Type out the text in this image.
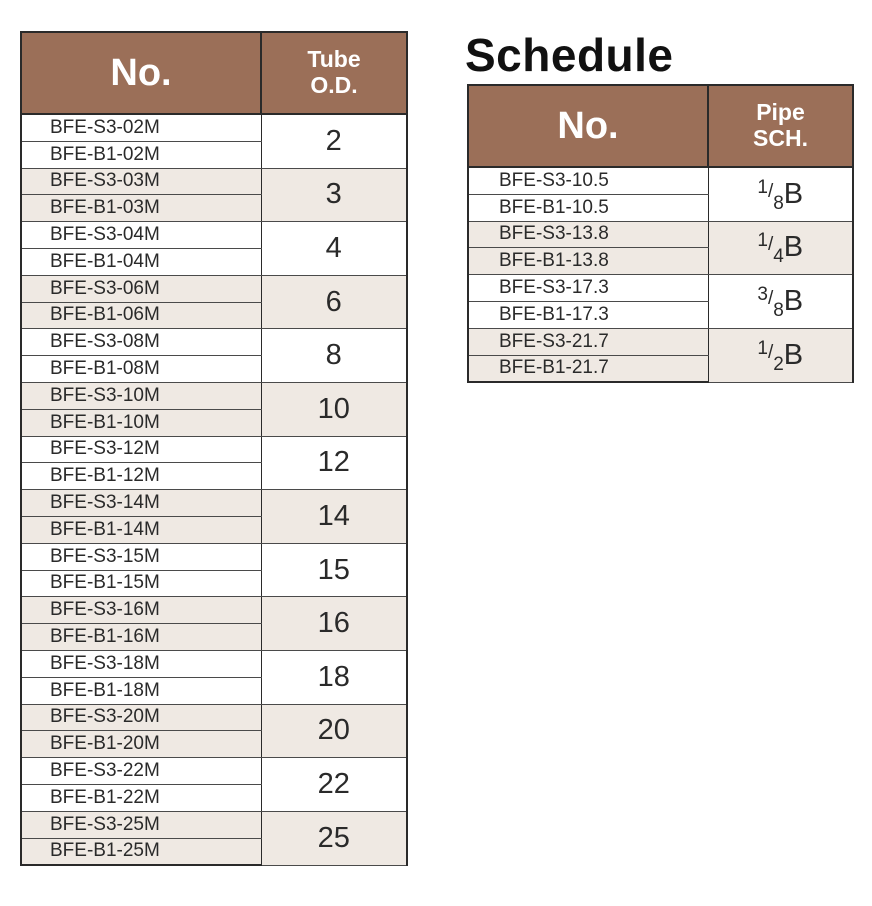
No.	Tube
O.D.
BFE-S3-02M	2
BFE-B1-02M	
BFE-S3-03M	3
BFE-B1-03M	
BFE-S3-04M	4
BFE-B1-04M	
BFE-S3-06M	6
BFE-B1-06M	
BFE-S3-08M	8
BFE-B1-08M	
BFE-S3-10M	10
BFE-B1-10M	
BFE-S3-12M	12
BFE-B1-12M	
BFE-S3-14M	14
BFE-B1-14M	
BFE-S3-15M	15
BFE-B1-15M	
BFE-S3-16M	16
BFE-B1-16M	
BFE-S3-18M	18
BFE-B1-18M	
BFE-S3-20M	20
BFE-B1-20M	
BFE-S3-22M	22
BFE-B1-22M	
BFE-S3-25M	25
BFE-B1-25M	
Schedule
No.	Pipe
SCH.
BFE-S3-10.5	$^{1/}_8$B
BFE-B1-10.5	
BFE-S3-13.8	$^{1/}_4$B
BFE-B1-13.8	
BFE-S3-17.3	$^{3/}_8$B
BFE-B1-17.3	
BFE-S3-21.7	$^{1/}_2$B
BFE-B1-21.7	
